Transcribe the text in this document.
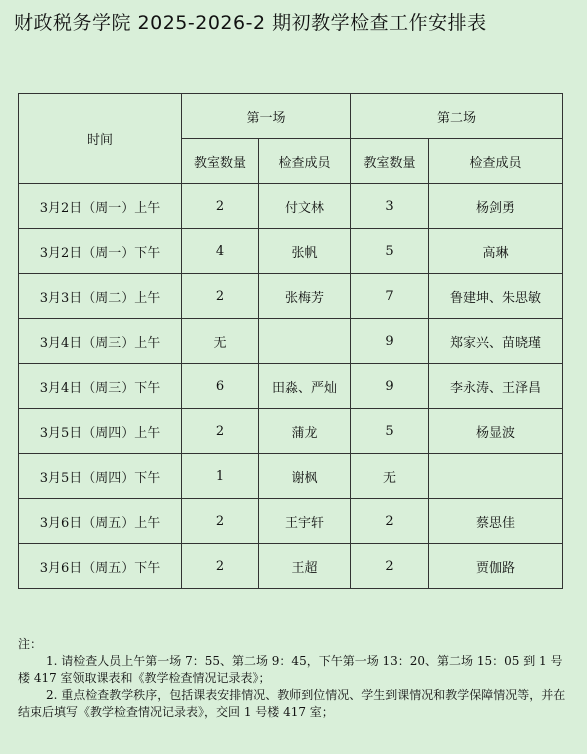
财政税务学院 2025-2026-2 期初教学检查工作安排表
时间	第一场		第二场	
	教室数量	检查成员	教室数量	检查成员
3月2日（周一）上午	2	付文林	3	杨剑勇
3月2日（周一）下午	4	张帆	5	高琳
3月3日（周二）上午	2	张梅芳	7	鲁建坤、朱思敏
3月4日（周三）上午	无		9	郑家兴、苗晓瑾
3月4日（周三）下午	6	田淼、严灿	9	李永涛、王泽昌
3月5日（周四）上午	2	蒲龙	5	杨显波
3月5日（周四）下午	1	谢枫	无	
3月6日（周五）上午	2	王宇轩	2	蔡思佳
3月6日（周五）下午	2	王超	2	贾伽路

注：

1. 请检查人员上午第一场 7：55、第二场 9：45，下午第一场 13：20、第二场 15：05 到 1 号楼 417 室领取课表和《教学检查情况记录表》；

2. 重点检查教学秩序，包括课表安排情况、教师到位情况、学生到课情况和教学保障情况等，并在结束后填写《教学检查情况记录表》，交回 1 号楼 417 室；
